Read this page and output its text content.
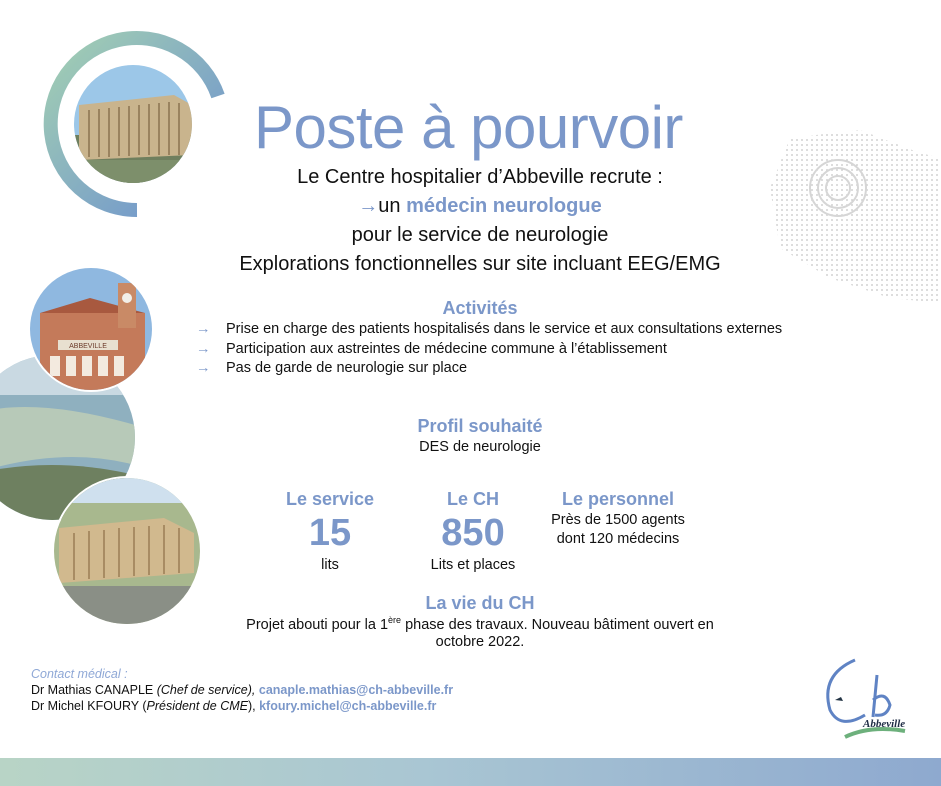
ABBEVILLE
Poste à pourvoir
Le Centre hospitalier d’Abbeville recrute :
→un médecin neurologue
pour le service de neurologie
Explorations fonctionnelles sur site incluant EEG/EMG
Activités
→	Prise en charge des patients hospitalisés dans le service et aux consultations externes
→	Participation aux astreintes de médecine commune à l’établissement
→	Pas de garde de neurologie sur place
Profil souhaité
DES de neurologie
Le service
15
lits
Le CH
850
Lits et places
Le personnel
Près de 1500 agents
dont 120 médecins
La vie du CH
Projet abouti pour la 1ère phase des travaux. Nouveau bâtiment ouvert en
octobre 2022.
Contact médical :
Dr Mathias CANAPLE (Chef de service), canaple.mathias@ch-abbeville.fr
Dr Michel KFOURY (Président de CME), kfoury.michel@ch-abbeville.fr
Abbeville
